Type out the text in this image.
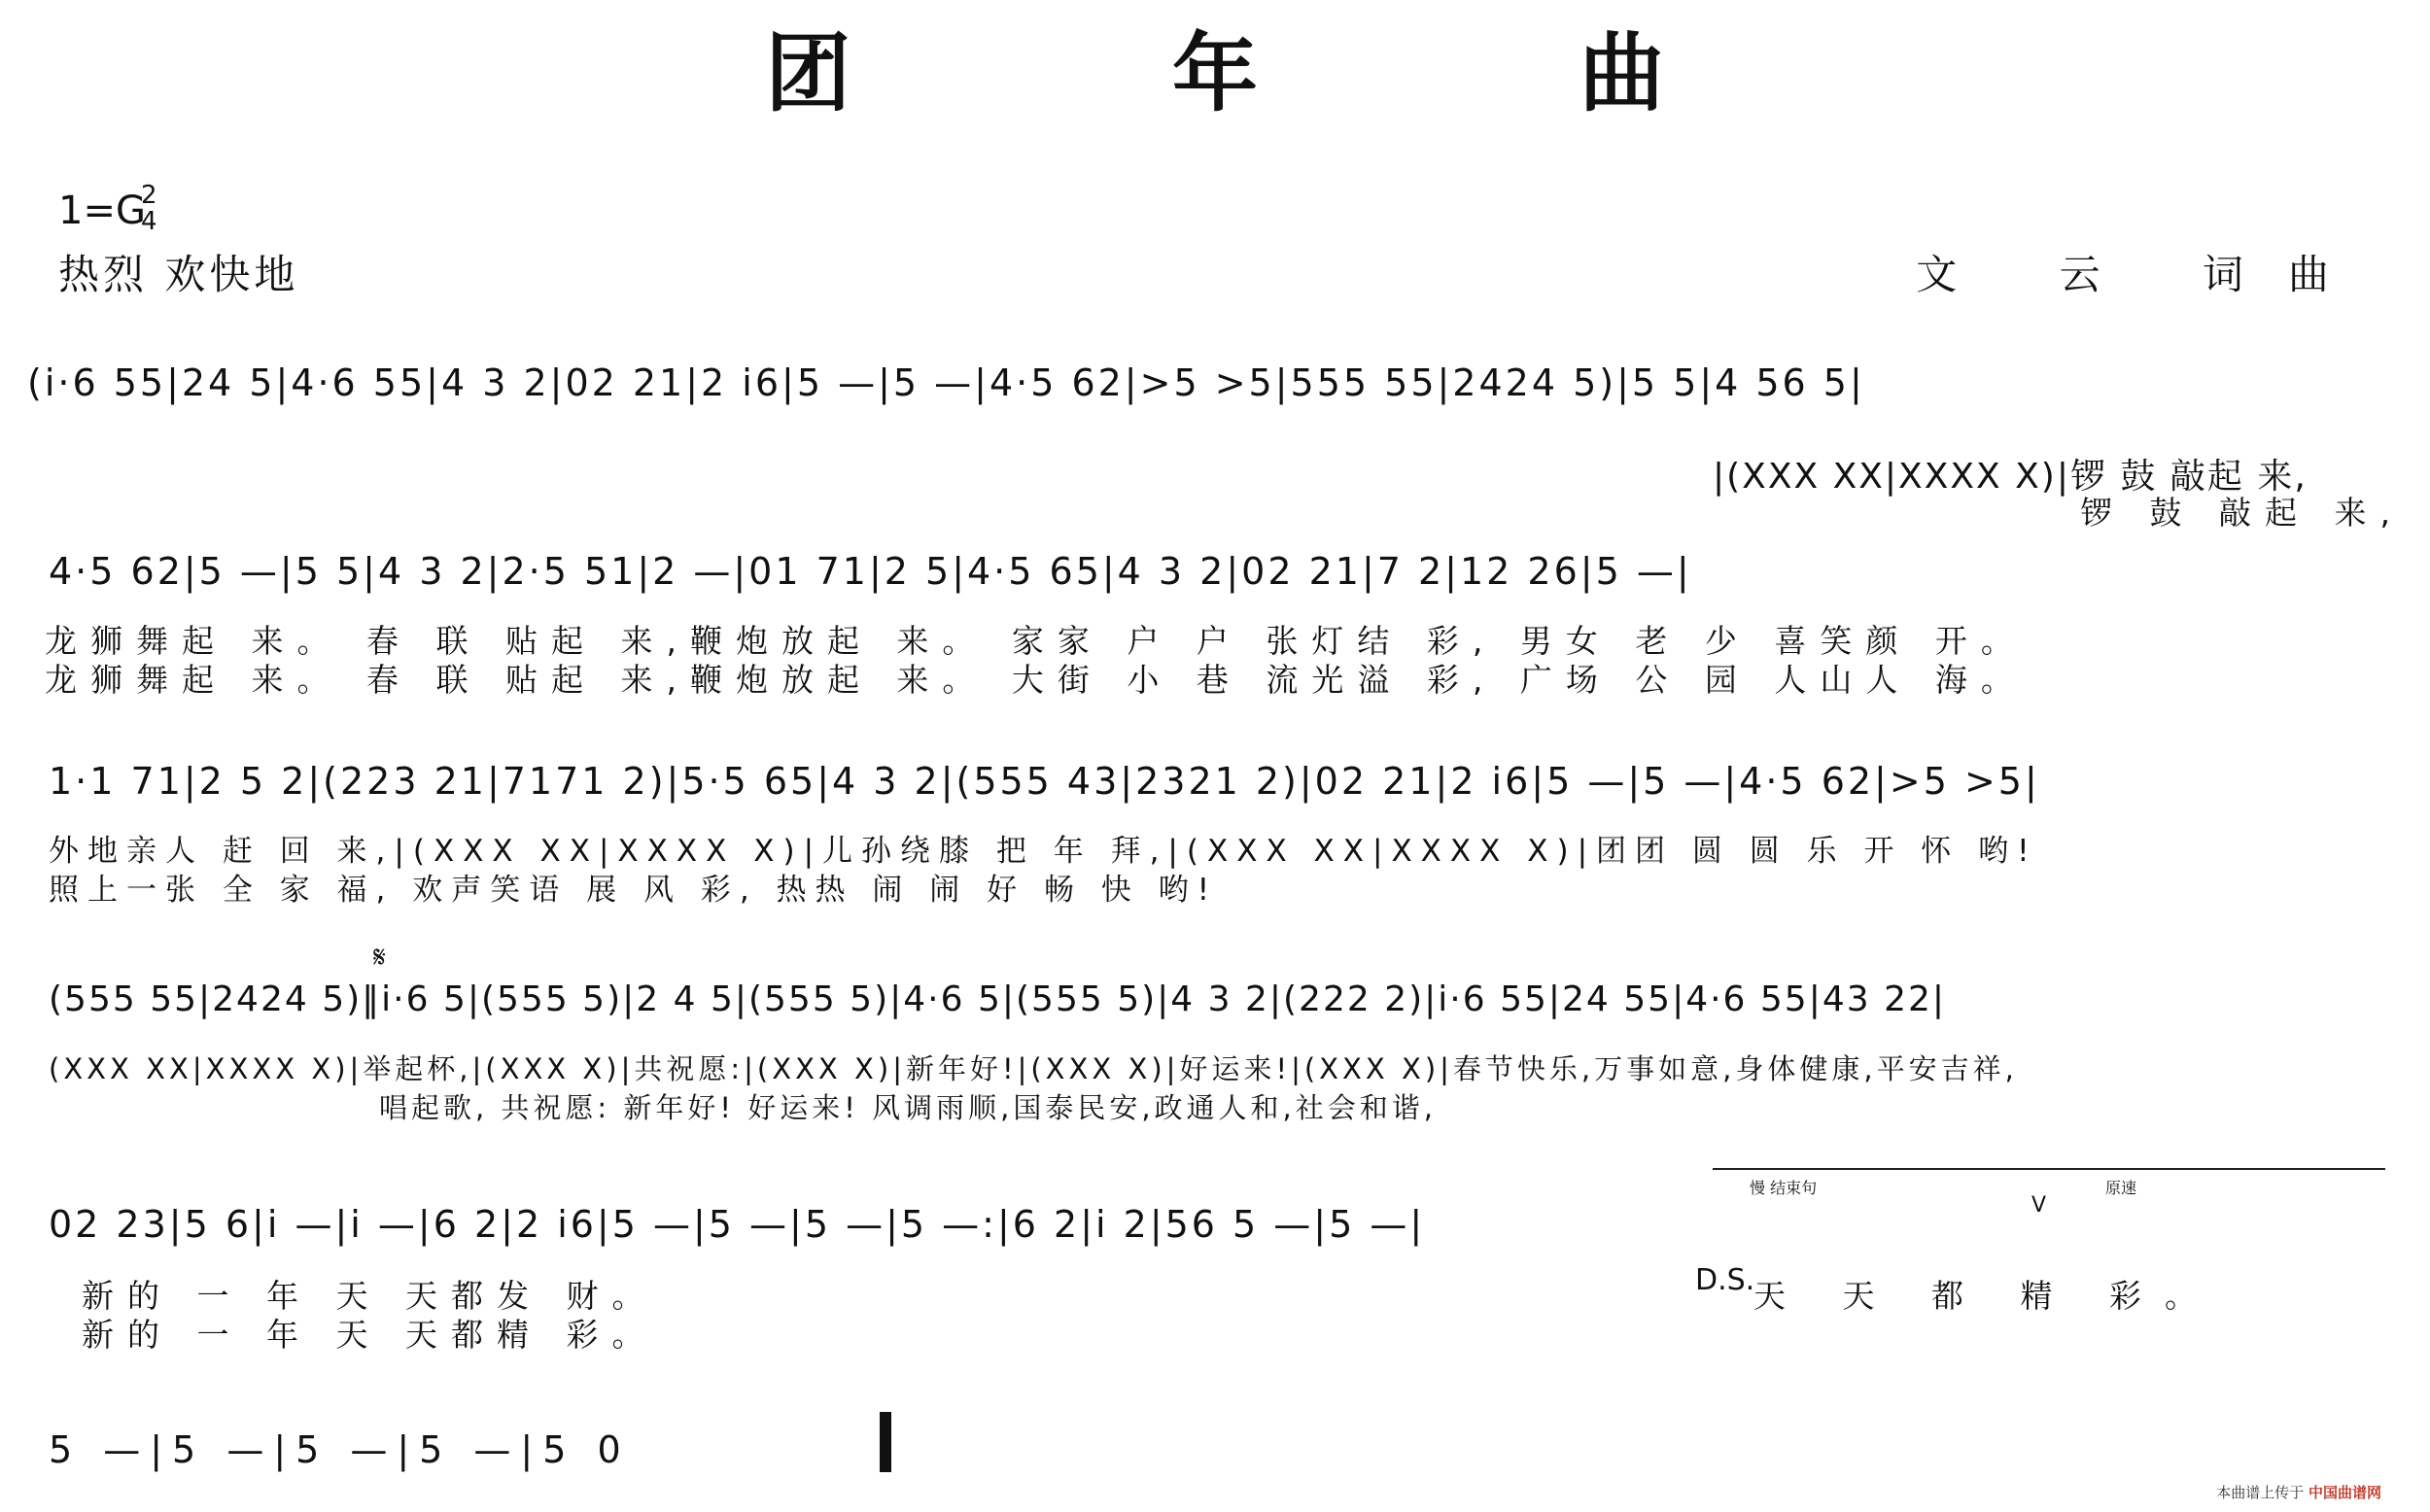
团 年 曲
1=G
2
4
热烈 欢快地	文 云 词曲
(i·6 55|24 5|4·6 55|4 3 2|02 21|2 i6|5 —|5 —|4·5 62|>5 >5|555 55|2424 5)|5 5|4 56 5|
|(XXX XX|XXXX X)|锣 鼓 敲起 来,
锣 鼓 敲起 来,
4·5 62|5 —|5 5|4 3 2|2·5 51|2 —|01 71|2 5|4·5 65|4 3 2|02 21|7 2|12 26|5 —|
龙狮舞起 来。 春 联 贴起 来,鞭炮放起 来。 家家 户 户 张灯结 彩, 男女 老 少 喜笑颜 开。
龙狮舞起 来。 春 联 贴起 来,鞭炮放起 来。 大街 小 巷 流光溢 彩, 广场 公 园 人山人 海。
1·1 71|2 5 2|(223 21|7171 2)|5·5 65|4 3 2|(555 43|2321 2)|02 21|2 i6|5 —|5 —|4·5 62|>5 >5|
外地亲人 赶 回 来,|(XXX XX|XXXX X)|儿孙绕膝 把 年 拜,|(XXX XX|XXXX X)|团团 圆 圆 乐 开 怀 哟!
照上一张 全 家 福, 欢声笑语 展 风 彩, 热热 闹 闹 好 畅 快 哟!
𝄋
(555 55|2424 5)‖i·6 5|(555 5)|2 4 5|(555 5)|4·6 5|(555 5)|4 3 2|(222 2)|i·6 55|24 55|4·6 55|43 22|
(XXX XX|XXXX X)|举起杯,|(XXX X)|共祝愿:|(XXX X)|新年好!|(XXX X)|好运来!|(XXX X)|春节快乐,万事如意,身体健康,平安吉祥,
唱起歌, 共祝愿: 新年好! 好运来! 风调雨顺,国泰民安,政通人和,社会和谐,
慢 结束句	原速
V
02 23|5 6|i —|i —|6 2|2 i6|5 —|5 —|5 —|5 —:|6 2|i 2|56 5 —|5 —|
新的 一 年 天 天都发 财。
新的 一 年 天 天都精 彩。
D.S.
天 天 都 精 彩。
5 —|5 —|5 —|5 —|5 0
本曲谱上传于 中国曲谱网
